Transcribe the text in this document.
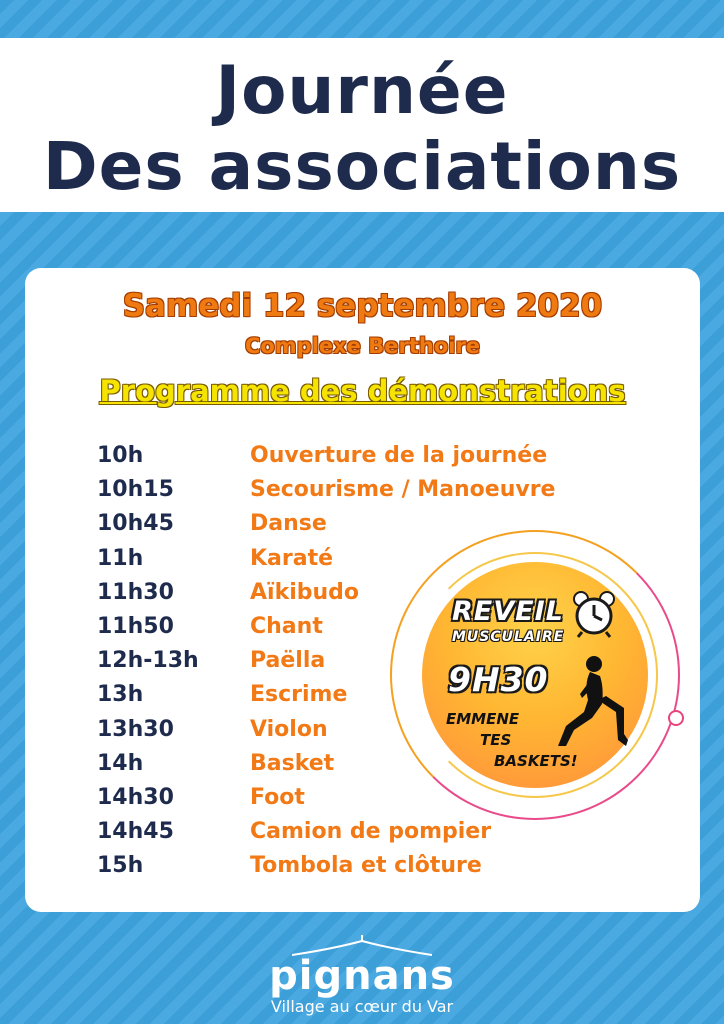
Journée
Des associations
Samedi 12 septembre 2020
Complexe Berthoire
Programme des démonstrations
10h	Ouverture de la journée
10h15	Secourisme / Manoeuvre
10h45	Danse
11h	Karaté
11h30	Aïkibudo
11h50	Chant
12h-13h Paëlla
13h	Escrime
13h30	Violon
14h	Basket
14h30	Foot
14h45	Camion de pompier
15h	Tombola et clôture
REVEIL
MUSCULAIRE
9H30
EMMENE
TES
BASKETS!
pignans
Village au cœur du Var
